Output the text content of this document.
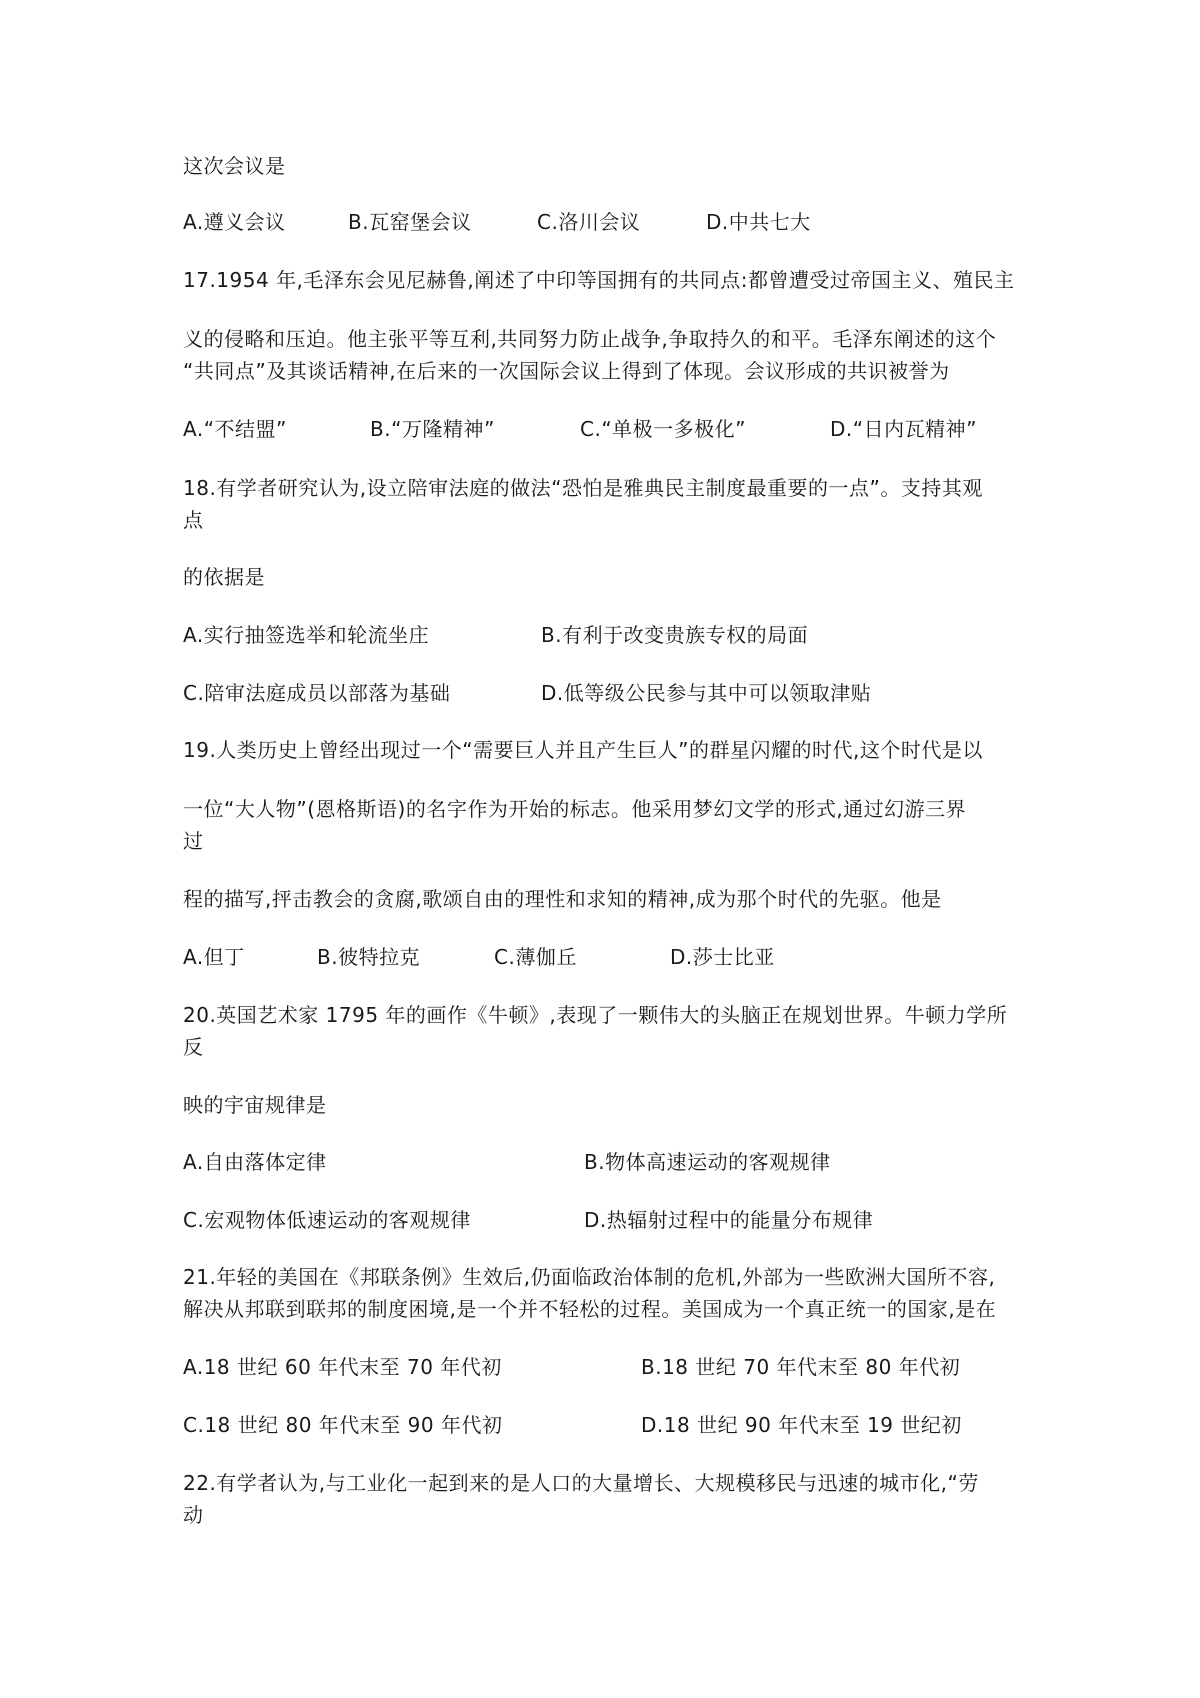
这次会议是
A.遵义会议	B.瓦窑堡会议	C.洛川会议	D.中共七大
17.1954 年,毛泽东会见尼赫鲁,阐述了中印等国拥有的共同点:都曾遭受过帝国主义、殖民主
义的侵略和压迫。他主张平等互利,共同努力防止战争,争取持久的和平。毛泽东阐述的这个
“共同点”及其谈话精神,在后来的一次国际会议上得到了体现。会议形成的共识被誉为
A.“不结盟”	B.“万隆精神”	C.“单极一多极化”	D.“日内瓦精神”
18.有学者研究认为,设立陪审法庭的做法“恐怕是雅典民主制度最重要的一点”。支持其观
点
的依据是
A.实行抽签选举和轮流坐庄	B.有利于改变贵族专权的局面
C.陪审法庭成员以部落为基础	D.低等级公民参与其中可以领取津贴
19.人类历史上曾经出现过一个“需要巨人并且产生巨人”的群星闪耀的时代,这个时代是以
一位“大人物”(恩格斯语)的名字作为开始的标志。他采用梦幻文学的形式,通过幻游三界
过
程的描写,抨击教会的贪腐,歌颂自由的理性和求知的精神,成为那个时代的先驱。他是
A.但丁	B.彼特拉克	C.薄伽丘	D.莎士比亚
20.英国艺术家 1795 年的画作《牛顿》,表现了一颗伟大的头脑正在规划世界。牛顿力学所
反
映的宇宙规律是
A.自由落体定律	B.物体高速运动的客观规律
C.宏观物体低速运动的客观规律	D.热辐射过程中的能量分布规律
21.年轻的美国在《邦联条例》生效后,仍面临政治体制的危机,外部为一些欧洲大国所不容,
解决从邦联到联邦的制度困境,是一个并不轻松的过程。美国成为一个真正统一的国家,是在
A.18 世纪 60 年代末至 70 年代初	B.18 世纪 70 年代末至 80 年代初
C.18 世纪 80 年代末至 90 年代初	D.18 世纪 90 年代末至 19 世纪初
22.有学者认为,与工业化一起到来的是人口的大量增长、大规模移民与迅速的城市化,“劳
动
